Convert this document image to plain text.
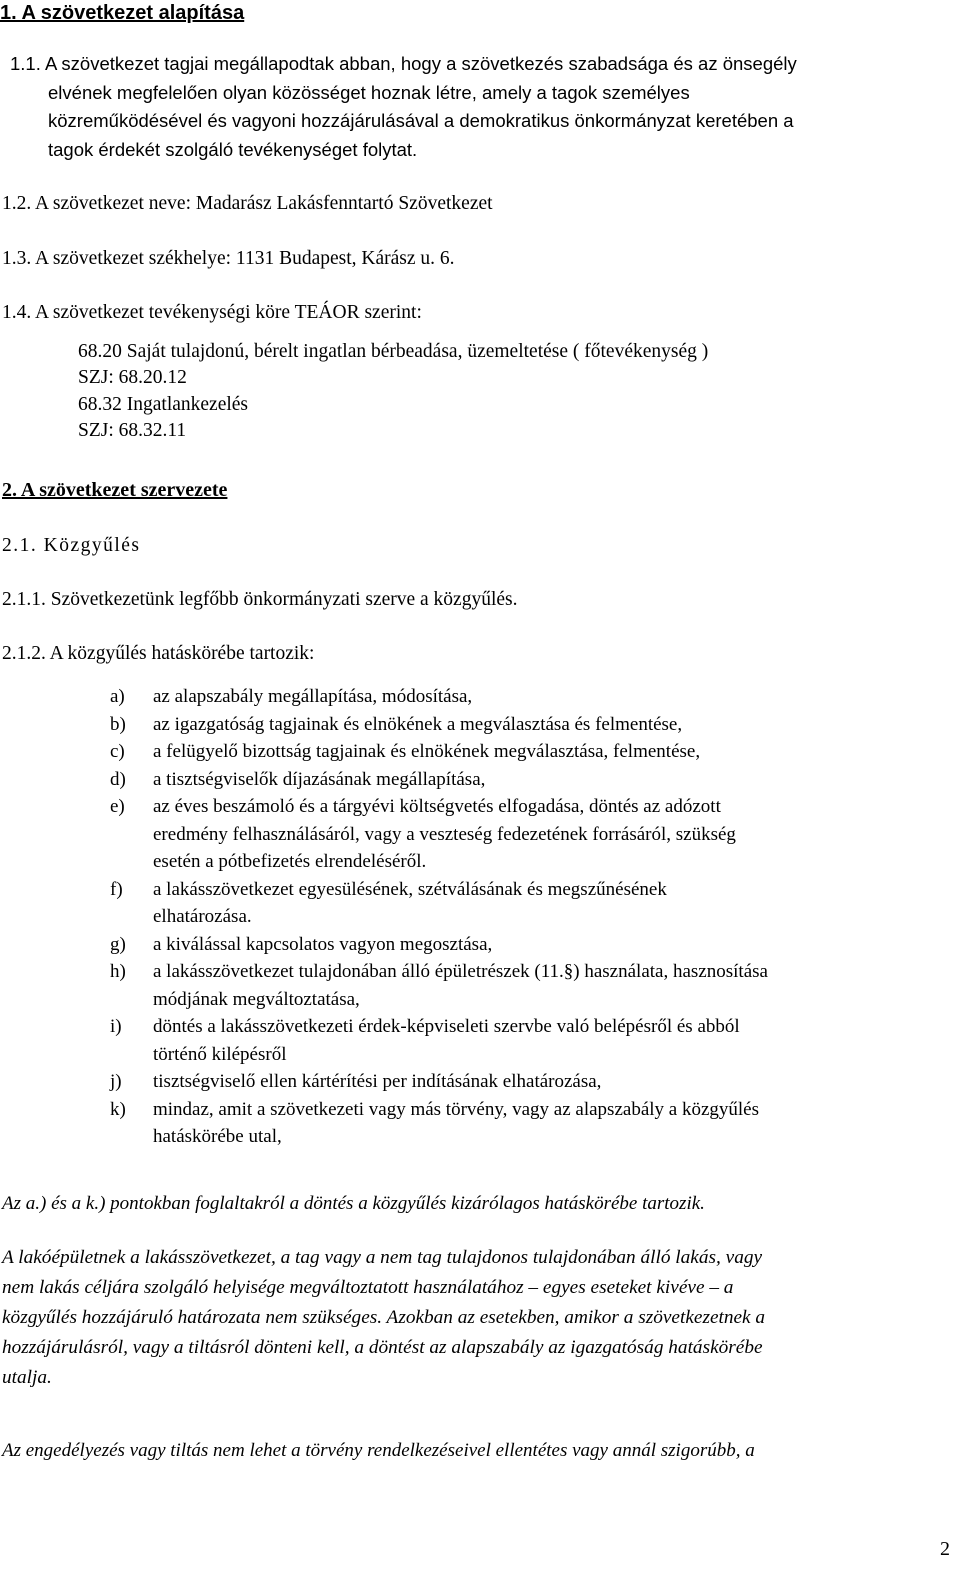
1. A szövetkezet alapítása
1.1. A szövetkezet tagjai megállapodtak abban, hogy a szövetkezés szabadsága és az önsegély
elvének megfelelően olyan közösséget hoznak létre, amely a tagok személyes
közreműködésével és vagyoni hozzájárulásával a demokratikus önkormányzat keretében a
tagok érdekét szolgáló tevékenységet folytat.
1.2. A szövetkezet neve: Madarász Lakásfenntartó Szövetkezet
1.3. A szövetkezet székhelye: 1131 Budapest, Kárász u. 6.
1.4. A szövetkezet tevékenységi köre TEÁOR szerint:
68.20 Saját tulajdonú, bérelt ingatlan bérbeadása, üzemeltetése ( főtevékenység )
SZJ: 68.20.12
68.32 Ingatlankezelés
SZJ: 68.32.11
2. A szövetkezet szervezete
2.1. Közgyűlés
2.1.1. Szövetkezetünk legfőbb önkormányzati szerve a közgyűlés.
2.1.2. A közgyűlés hatáskörébe tartozik:
a)	az alapszabály megállapítása, módosítása,
b)	az igazgatóság tagjainak és elnökének a megválasztása és felmentése,
c)	a felügyelő bizottság tagjainak és elnökének megválasztása, felmentése,
d)	a tisztségviselők díjazásának megállapítása,
e)	az éves beszámoló és a tárgyévi költségvetés elfogadása, döntés az adózott
eredmény felhasználásáról, vagy a veszteség fedezetének forrásáról, szükség
esetén a pótbefizetés elrendeléséről.
f)	a lakásszövetkezet egyesülésének, szétválásának és megszűnésének
elhatározása.
g)	a kiválással kapcsolatos vagyon megosztása,
h)	a lakásszövetkezet tulajdonában álló épületrészek (11.§) használata, hasznosítása
módjának megváltoztatása,
i)	döntés a lakásszövetkezeti érdek-képviseleti szervbe való belépésről és abból
történő kilépésről
j)	tisztségviselő ellen kártérítési per indításának elhatározása,
k)	mindaz, amit a szövetkezeti vagy más törvény, vagy az alapszabály a közgyűlés
hatáskörébe utal,
Az a.) és a k.) pontokban foglaltakról a döntés a közgyűlés kizárólagos hatáskörébe tartozik.
A lakóépületnek a lakásszövetkezet, a tag vagy a nem tag tulajdonos tulajdonában álló lakás, vagy
nem lakás céljára szolgáló helyisége megváltoztatott használatához – egyes eseteket kivéve – a
közgyűlés hozzájáruló határozata nem szükséges. Azokban az esetekben, amikor a szövetkezetnek a
hozzájárulásról, vagy a tiltásról dönteni kell, a döntést az alapszabály az igazgatóság hatáskörébe
utalja.
Az engedélyezés vagy tiltás nem lehet a törvény rendelkezéseivel ellentétes vagy annál szigorúbb, a
2
